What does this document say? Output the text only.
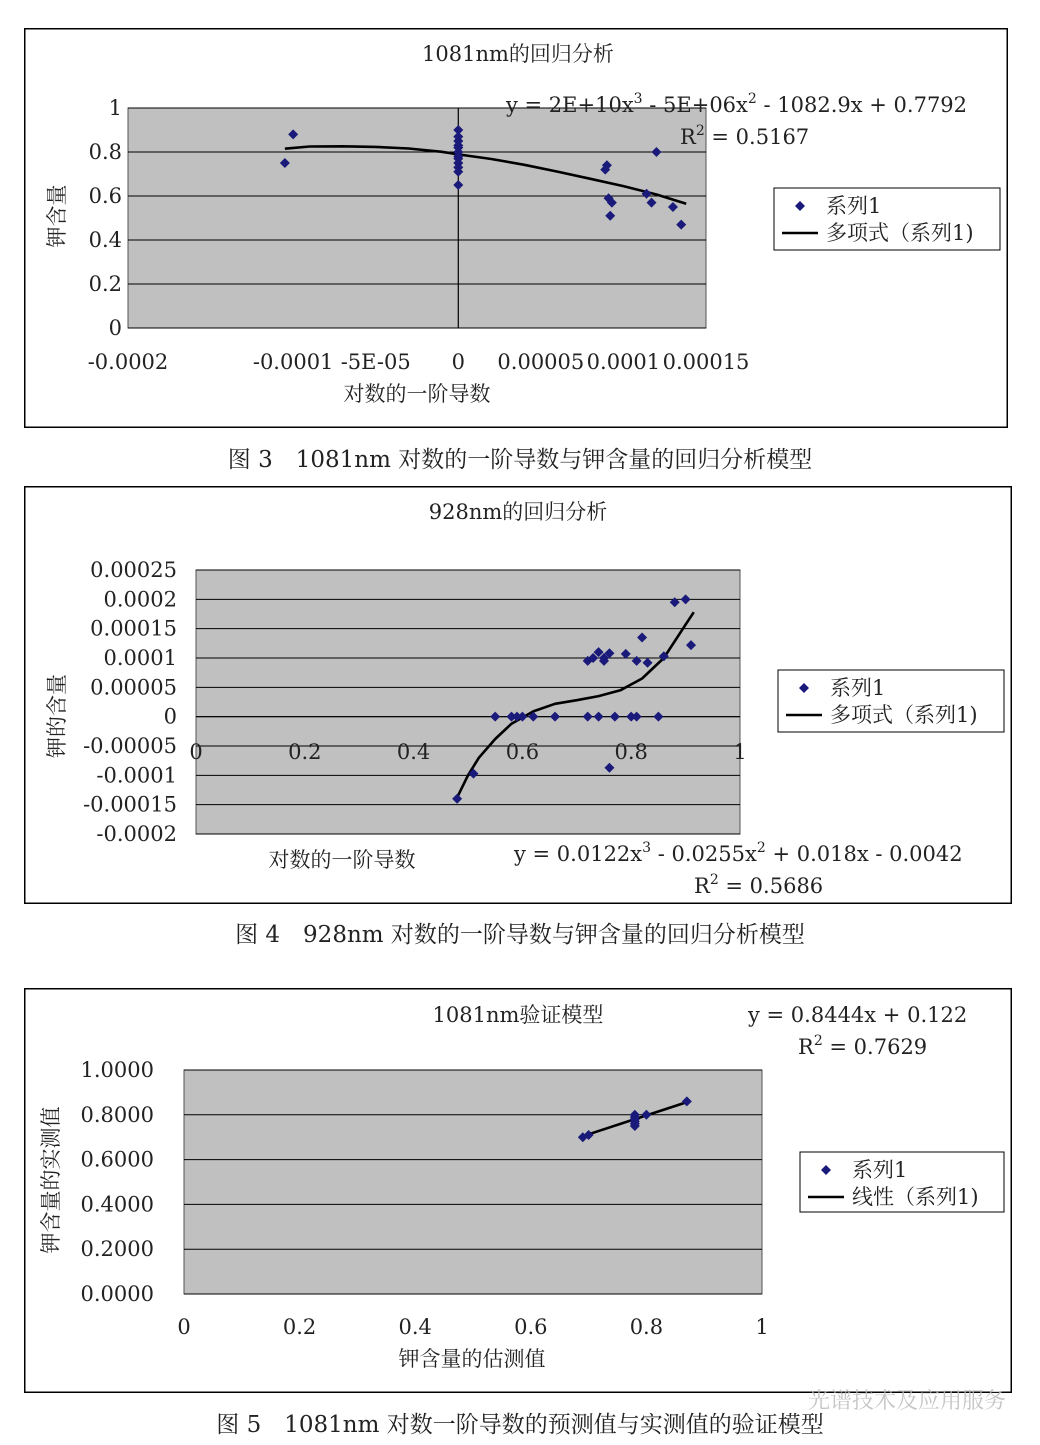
0
0.2
0.4
0.6
0.8
1
-0.0002	-0.0001 -5E-05 0 0.00005 0.0001 0.00015
1081nm的回归分析
对数的一阶导数
钾含量
$y = 2E+10x^3 - 5E+06x^2 - 1082.9x + 0.7792$
$R^2 = 0.5167$
系列1
多项式（系列1)
图 3　1081nm 对数的一阶导数与钾含量的回归分析模型
-0.0002
-0.00015
-0.0001
-0.00005
0
0.00005
0.0001
0.00015
0.0002
0.00025
0	0.2	0.4	0.6	0.8	1
928nm的回归分析
对数的一阶导数
钾的含量
$y = 0.0122x^3 - 0.0255x^2 + 0.018x - 0.0042$
$R^2 = 0.5686$
系列1
多项式（系列1)
图 4　928nm 对数的一阶导数与钾含量的回归分析模型
0.0000
0.2000
0.4000
0.6000
0.8000
1.0000
0	0.2	0.4	0.6	0.8	1
1081nm验证模型
钾含量的估测值
钾含量的实测值
y = 0.8444x + 0.122
$R^2 = 0.7629$
系列1
线性（系列1)
图 5　1081nm 对数一阶导数的预测值与实测值的验证模型
光谱技术及应用服务
